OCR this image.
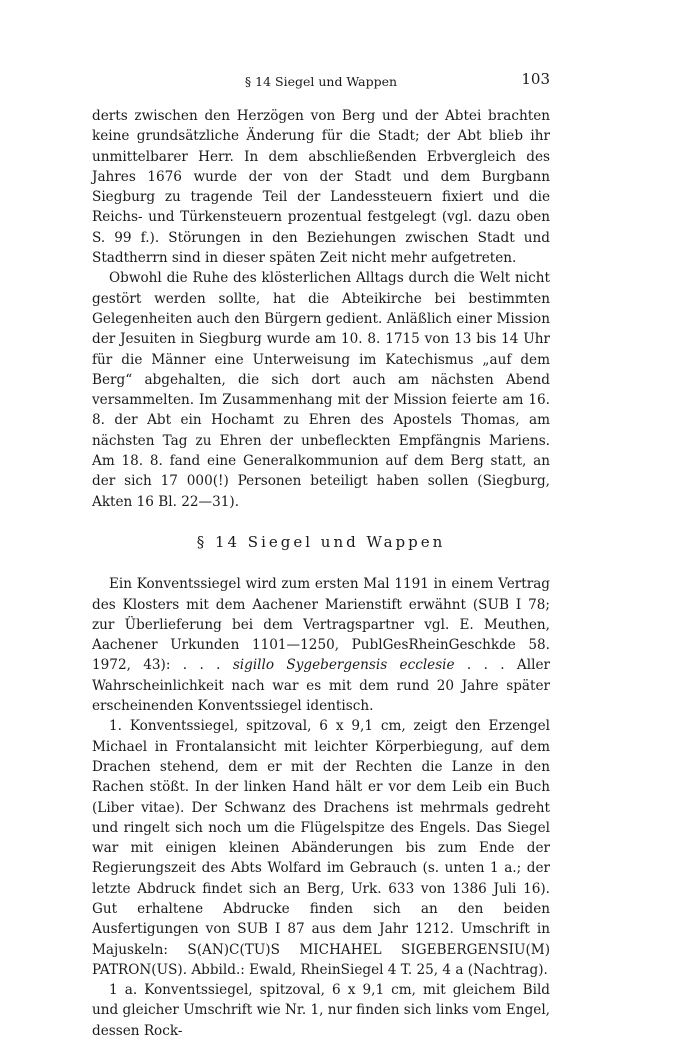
§ 14 Siegel und Wappen	103

derts zwischen den Herzögen von Berg und der Abtei brachten keine grundsätzliche Änderung für die Stadt; der Abt blieb ihr unmittelbarer Herr. In dem abschließenden Erbvergleich des Jahres 1676 wurde der von der Stadt und dem Burgbann Siegburg zu tragende Teil der Landessteuern fixiert und die Reichs- und Türkensteuern prozentual festgelegt (vgl. dazu oben S. 99 f.). Störungen in den Beziehungen zwischen Stadt und Stadtherrn sind in dieser späten Zeit nicht mehr aufgetreten.

Obwohl die Ruhe des klösterlichen Alltags durch die Welt nicht gestört werden sollte, hat die Abteikirche bei bestimmten Gelegenheiten auch den Bürgern gedient. Anläßlich einer Mission der Jesuiten in Siegburg wurde am 10. 8. 1715 von 13 bis 14 Uhr für die Männer eine Unterweisung im Katechismus „auf dem Berg“ abgehalten, die sich dort auch am nächsten Abend versammelten. Im Zusammenhang mit der Mission feierte am 16. 8. der Abt ein Hochamt zu Ehren des Apostels Thomas, am nächsten Tag zu Ehren der unbefleckten Empfängnis Mariens. Am 18. 8. fand eine Generalkommunion auf dem Berg statt, an der sich 17 000(!) Personen beteiligt haben sollen (Siegburg, Akten 16 Bl. 22—31).

§ 14 Siegel und Wappen

Ein Konventssiegel wird zum ersten Mal 1191 in einem Vertrag des Klosters mit dem Aachener Marienstift erwähnt (SUB I 78; zur Überlieferung bei dem Vertragspartner vgl. E. Meuthen, Aachener Urkunden 1101—1250, PublGesRheinGeschkde 58. 1972, 43): . . . sigillo Sygebergensis ecclesie . . . Aller Wahrscheinlichkeit nach war es mit dem rund 20 Jahre später erscheinenden Konventssiegel identisch.

1. Konventssiegel, spitzoval, 6 x 9,1 cm, zeigt den Erzengel Michael in Frontalansicht mit leichter Körperbiegung, auf dem Drachen stehend, dem er mit der Rechten die Lanze in den Rachen stößt. In der linken Hand hält er vor dem Leib ein Buch (Liber vitae). Der Schwanz des Drachens ist mehrmals gedreht und ringelt sich noch um die Flügelspitze des Engels. Das Siegel war mit einigen kleinen Abänderungen bis zum Ende der Regierungszeit des Abts Wolfard im Gebrauch (s. unten 1 a.; der letzte Abdruck findet sich an Berg, Urk. 633 von 1386 Juli 16). Gut erhaltene Abdrucke finden sich an den beiden Ausfertigungen von SUB I 87 aus dem Jahr 1212. Umschrift in Majuskeln: S(AN)C(TU)S MICHAHEL SIGEBERGENSIU(M) PATRON(US). Abbild.: Ewald, RheinSiegel 4 T. 25, 4 a (Nachtrag).

1 a. Konventssiegel, spitzoval, 6 x 9,1 cm, mit gleichem Bild und gleicher Umschrift wie Nr. 1, nur finden sich links vom Engel, dessen Rock-
